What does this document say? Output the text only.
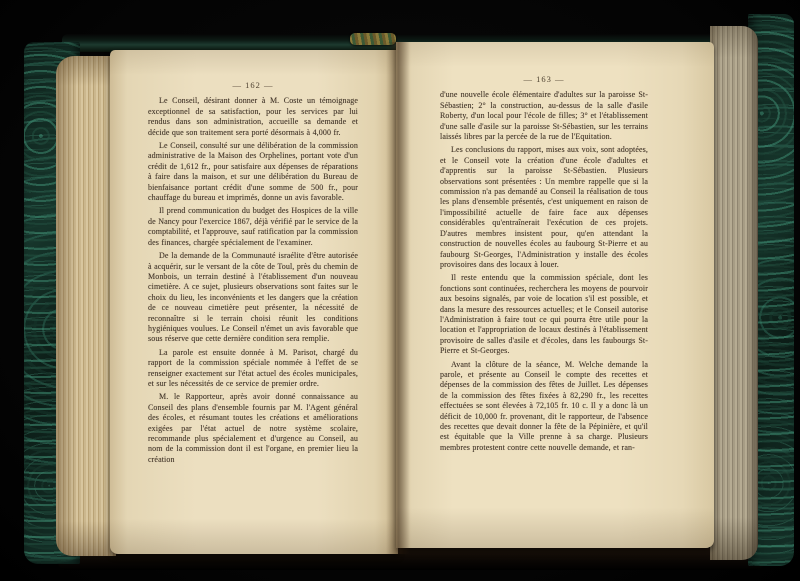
— 162 —

Le Conseil, désirant donner à M. Coste un témoignage exceptionnel de sa satisfaction, pour les services par lui rendus dans son administration, accueille sa demande et décide que son traitement sera porté désormais à 4,000 fr.

Le Conseil, consulté sur une délibération de la commission administrative de la Maison des Orphelines, portant vote d'un crédit de 1,612 fr., pour satisfaire aux dépenses de réparations à faire dans la maison, et sur une délibération du Bureau de bienfaisance portant crédit d'une somme de 500 fr., pour chauffage du bureau et imprimés, donne un avis favorable.

Il prend communication du budget des Hospices de la ville de Nancy pour l'exercice 1867, déjà vérifié par le service de la comptabilité, et l'approuve, sauf ratification par la commission des finances, chargée spécialement de l'examiner.

De la demande de la Communauté israélite d'être autorisée à acquérir, sur le versant de la côte de Toul, près du chemin de Monbois, un terrain destiné à l'établissement d'un nouveau cimetière. A ce sujet, plusieurs observations sont faites sur le choix du lieu, les inconvénients et les dangers que la création de ce nouveau cimetière peut présenter, la nécessité de reconnaître si le terrain choisi réunit les conditions hygiéniques voulues. Le Conseil n'émet un avis favorable que sous réserve que cette dernière condition sera remplie.

La parole est ensuite donnée à M. Parisot, chargé du rapport de la commission spéciale nommée à l'effet de se renseigner exactement sur l'état actuel des écoles municipales, et sur les nécessités de ce service de premier ordre.

M. le Rapporteur, après avoir donné connaissance au Conseil des plans d'ensemble fournis par M. l'Agent général des écoles, et résumant toutes les créations et améliorations exigées par l'état actuel de notre système scolaire, recommande plus spécialement et d'urgence au Conseil, au nom de la commission dont il est l'organe, en premier lieu la création

— 163 —

d'une nouvelle école élémentaire d'adultes sur la paroisse St-Sébastien; 2° la construction, au-dessus de la salle d'asile Roberty, d'un local pour l'école de filles; 3° et l'établissement d'une salle d'asile sur la paroisse St-Sébastien, sur les terrains laissés libres par la percée de la rue de l'Equitation.

Les conclusions du rapport, mises aux voix, sont adoptées, et le Conseil vote la création d'une école d'adultes et d'apprentis sur la paroisse St-Sébastien. Plusieurs observations sont présentées : Un membre rappelle que si la commission n'a pas demandé au Conseil la réalisation de tous les plans d'ensemble présentés, c'est uniquement en raison de l'impossibilité actuelle de faire face aux dépenses considérables qu'entraînerait l'exécution de ces projets. D'autres membres insistent pour, qu'en attendant la construction de nouvelles écoles au faubourg St-Pierre et au faubourg St-Georges, l'Administration y installe des écoles provisoires dans des locaux à louer.

Il reste entendu que la commission spéciale, dont les fonctions sont continuées, recherchera les moyens de pourvoir aux besoins signalés, par voie de location s'il est possible, et dans la mesure des ressources actuelles; et le Conseil autorise l'Administration à faire tout ce qui pourra être utile pour la location et l'appropriation de locaux destinés à l'établissement provisoire de salles d'asile et d'écoles, dans les faubourgs St-Pierre et St-Georges.

Avant la clôture de la séance, M. Welche demande la parole, et présente au Conseil le compte des recettes et dépenses de la commission des fêtes de Juillet. Les dépenses de la commission des fêtes fixées à 82,290 fr., les recettes effectuées se sont élevées à 72,105 fr. 10 c. Il y a donc là un déficit de 10,000 fr. provenant, dit le rapporteur, de l'absence des recettes que devait donner la fête de la Pépinière, et qu'il est équitable que la Ville prenne à sa charge. Plusieurs membres protestent contre cette nouvelle demande, et ran-
